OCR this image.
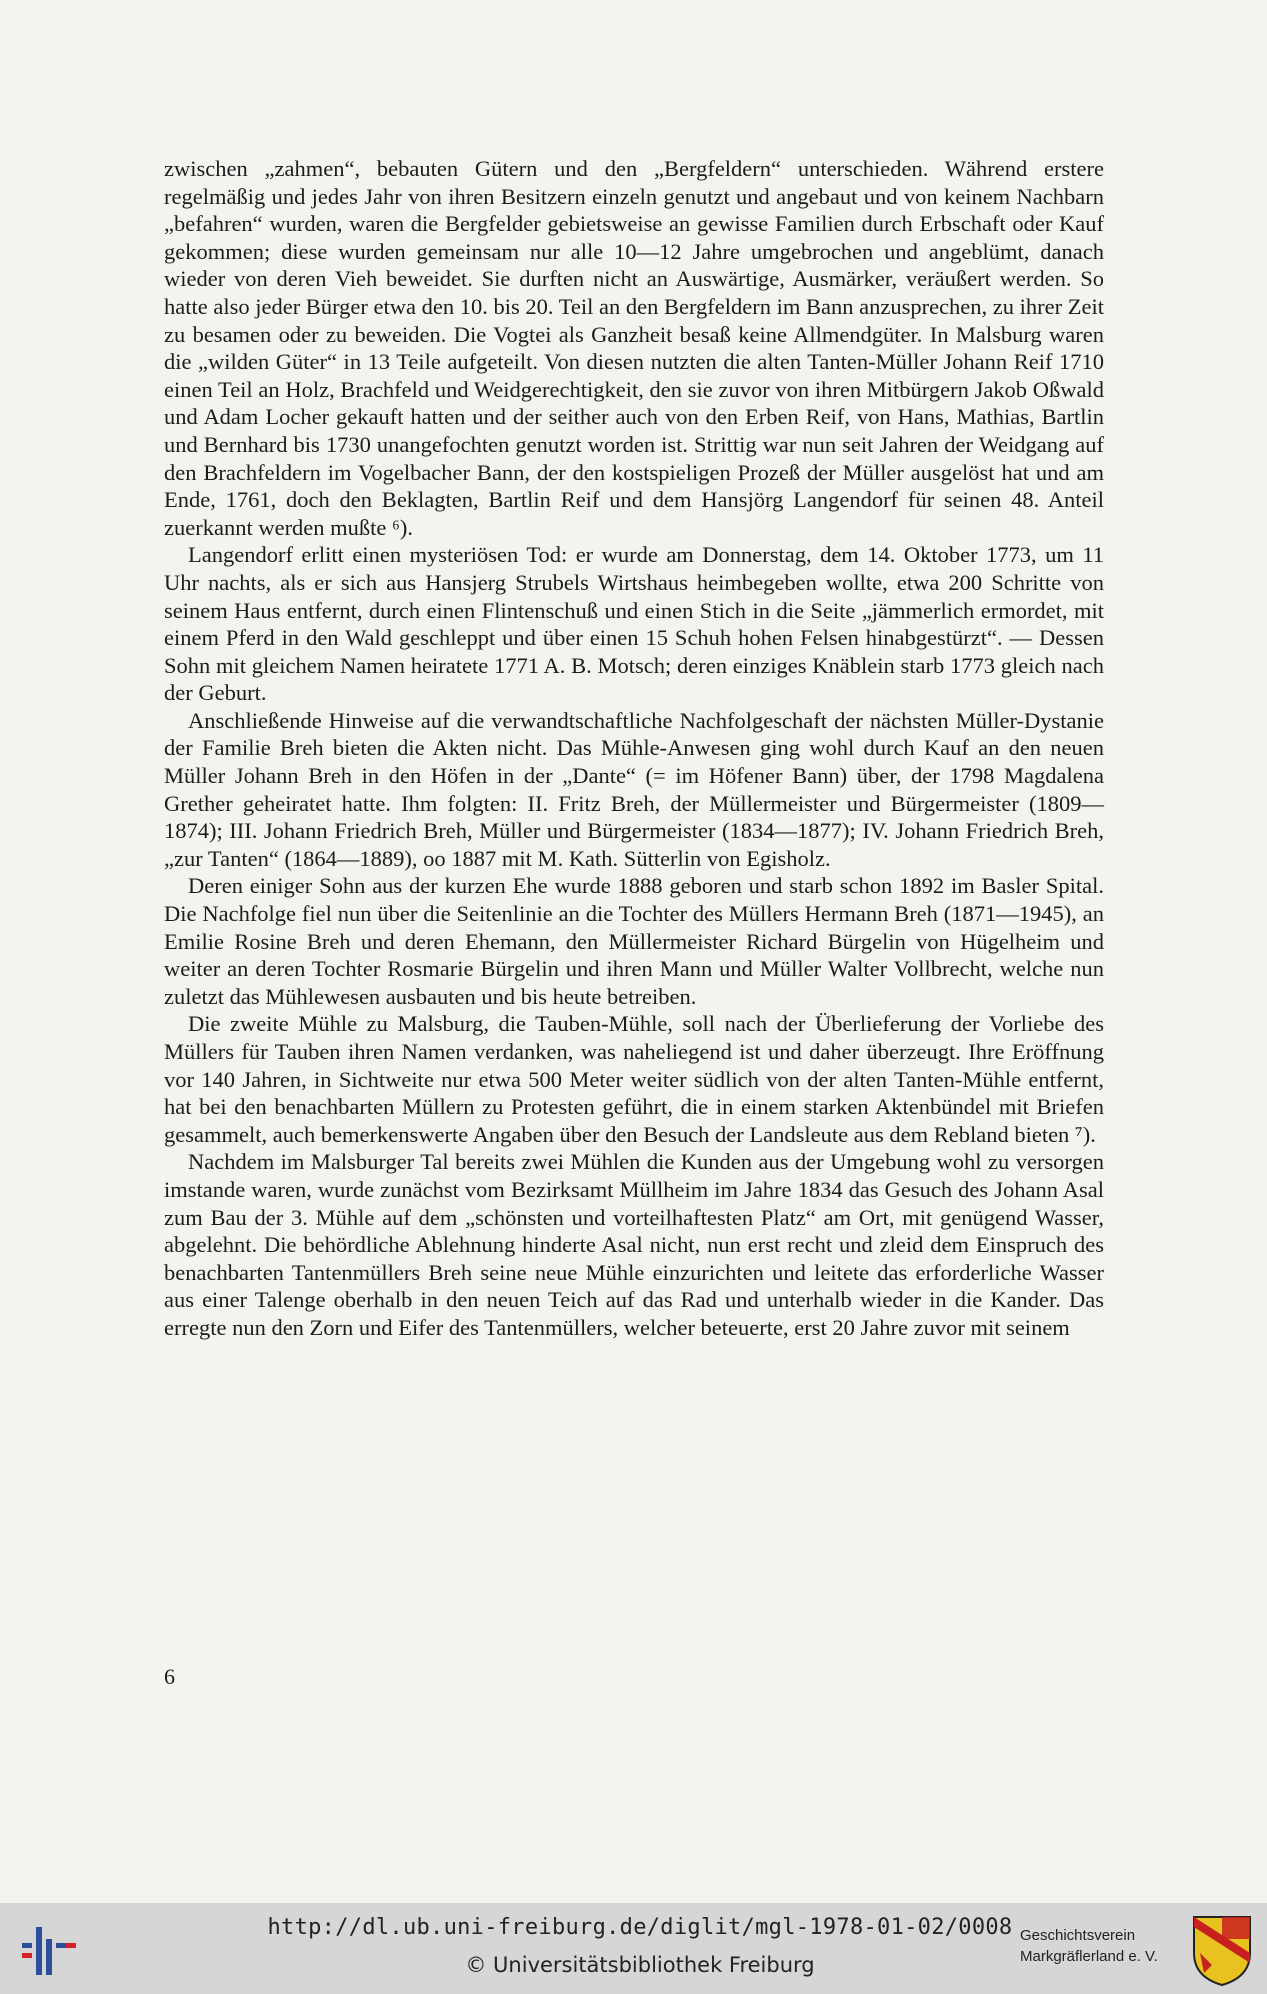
zwischen „zahmen“, bebauten Gütern und den „Bergfeldern“ unterschieden. Während erstere regelmäßig und jedes Jahr von ihren Besitzern einzeln genutzt und angebaut und von keinem Nachbarn „befahren“ wurden, waren die Bergfelder gebietsweise an gewisse Familien durch Erbschaft oder Kauf gekommen; diese wurden gemeinsam nur alle 10—12 Jahre umgebrochen und angeblümt, danach wieder von deren Vieh beweidet. Sie durften nicht an Auswärtige, Ausmärker, veräußert werden. So hatte also jeder Bürger etwa den 10. bis 20. Teil an den Bergfeldern im Bann anzusprechen, zu ihrer Zeit zu besamen oder zu beweiden. Die Vogtei als Ganzheit besaß keine Allmendgüter. In Malsburg waren die „wilden Güter“ in 13 Teile aufgeteilt. Von diesen nutzten die alten Tanten-Müller Johann Reif 1710 einen Teil an Holz, Brachfeld und Weidgerechtigkeit, den sie zuvor von ihren Mitbürgern Jakob Oßwald und Adam Locher gekauft hatten und der seither auch von den Erben Reif, von Hans, Mathias, Bartlin und Bernhard bis 1730 unangefochten genutzt worden ist. Strittig war nun seit Jahren der Weidgang auf den Brachfeldern im Vogelbacher Bann, der den kostspieligen Prozeß der Müller ausgelöst hat und am Ende, 1761, doch den Beklagten, Bartlin Reif und dem Hansjörg Langendorf für seinen 48. Anteil zuerkannt werden mußte ⁶).

Langendorf erlitt einen mysteriösen Tod: er wurde am Donnerstag, dem 14. Oktober 1773, um 11 Uhr nachts, als er sich aus Hansjerg Strubels Wirtshaus heimbegeben wollte, etwa 200 Schritte von seinem Haus entfernt, durch einen Flintenschuß und einen Stich in die Seite „jämmerlich ermordet, mit einem Pferd in den Wald geschleppt und über einen 15 Schuh hohen Felsen hinabgestürzt“. — Dessen Sohn mit gleichem Namen heiratete 1771 A. B. Motsch; deren einziges Knäblein starb 1773 gleich nach der Geburt.

Anschließende Hinweise auf die verwandtschaftliche Nachfolgeschaft der nächsten Müller-Dystanie der Familie Breh bieten die Akten nicht. Das Mühle-Anwesen ging wohl durch Kauf an den neuen Müller Johann Breh in den Höfen in der „Dante“ (= im Höfener Bann) über, der 1798 Magdalena Grether geheiratet hatte. Ihm folgten: II. Fritz Breh, der Müllermeister und Bürgermeister (1809—1874); III. Johann Friedrich Breh, Müller und Bürgermeister (1834—1877); IV. Johann Friedrich Breh, „zur Tanten“ (1864—1889), oo 1887 mit M. Kath. Sütterlin von Egisholz.

Deren einiger Sohn aus der kurzen Ehe wurde 1888 geboren und starb schon 1892 im Basler Spital. Die Nachfolge fiel nun über die Seitenlinie an die Tochter des Müllers Hermann Breh (1871—1945), an Emilie Rosine Breh und deren Ehemann, den Müllermeister Richard Bürgelin von Hügelheim und weiter an deren Tochter Rosmarie Bürgelin und ihren Mann und Müller Walter Vollbrecht, welche nun zuletzt das Mühlewesen ausbauten und bis heute betreiben.

Die zweite Mühle zu Malsburg, die Tauben-Mühle, soll nach der Überlieferung der Vorliebe des Müllers für Tauben ihren Namen verdanken, was naheliegend ist und daher überzeugt. Ihre Eröffnung vor 140 Jahren, in Sichtweite nur etwa 500 Meter weiter südlich von der alten Tanten-Mühle entfernt, hat bei den benachbarten Müllern zu Protesten geführt, die in einem starken Aktenbündel mit Briefen gesammelt, auch bemerkenswerte Angaben über den Besuch der Landsleute aus dem Rebland bieten ⁷).

Nachdem im Malsburger Tal bereits zwei Mühlen die Kunden aus der Umgebung wohl zu versorgen imstande waren, wurde zunächst vom Bezirksamt Müllheim im Jahre 1834 das Gesuch des Johann Asal zum Bau der 3. Mühle auf dem „schönsten und vorteilhaftesten Platz“ am Ort, mit genügend Wasser, abgelehnt. Die behördliche Ablehnung hinderte Asal nicht, nun erst recht und zleid dem Einspruch des benachbarten Tantenmüllers Breh seine neue Mühle einzurichten und leitete das erforderliche Wasser aus einer Talenge oberhalb in den neuen Teich auf das Rad und unterhalb wieder in die Kander. Das erregte nun den Zorn und Eifer des Tantenmüllers, welcher beteuerte, erst 20 Jahre zuvor mit seinem

6
http://dl.ub.uni-freiburg.de/diglit/mgl-1978-01-02/0008
© Universitätsbibliothek Freiburg
Geschichtsverein
Markgräflerland e. V.
